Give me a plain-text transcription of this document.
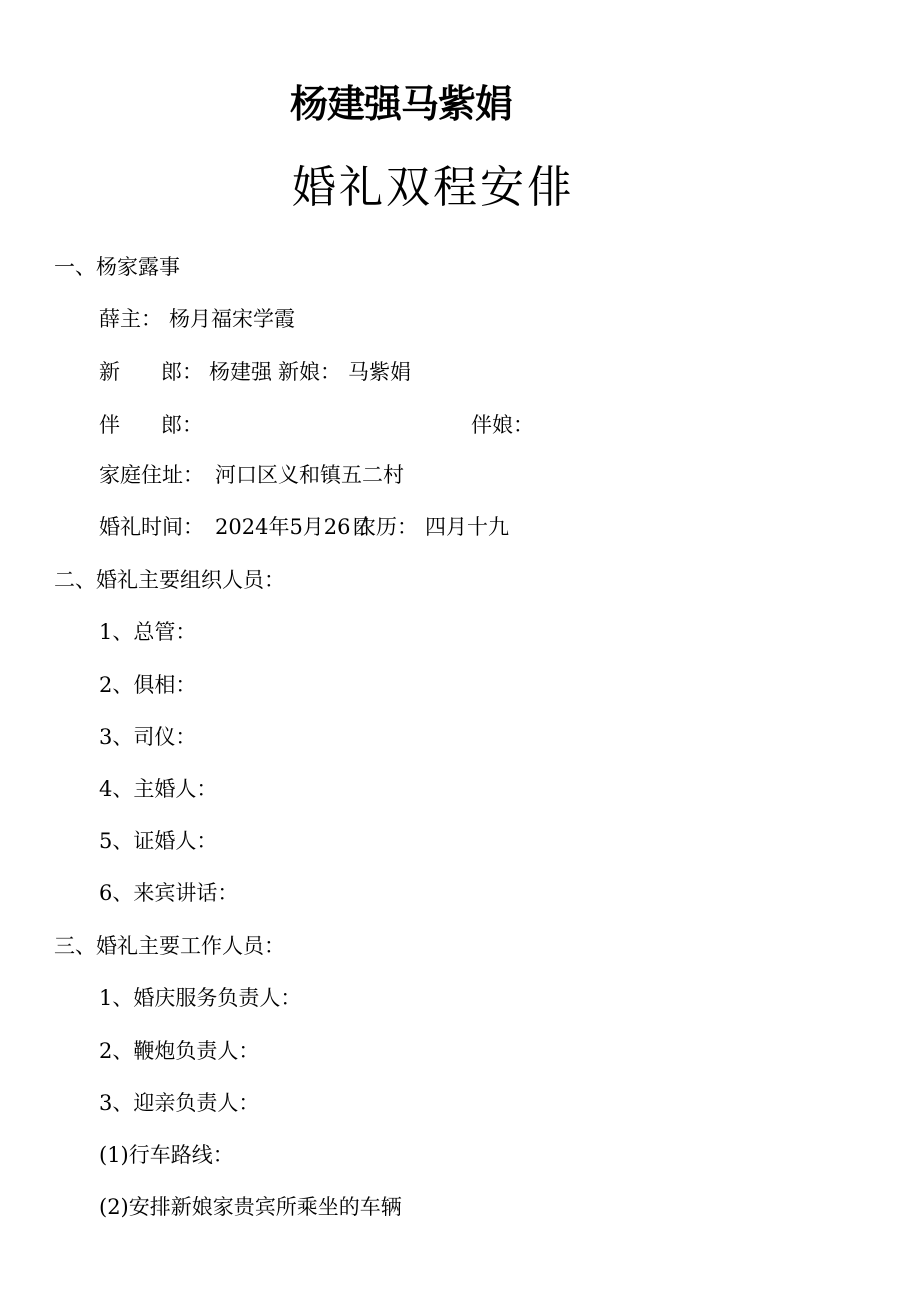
杨建强马紫娟
婚礼双程安俳
一、杨家露事
薛主： 杨月福宋学霞
新 郎： 杨建强 新娘： 马紫娟
伴 郎：	伴娘：
家庭住址： 河口区义和镇五二村
婚礼时间： 2024年5月26日
农历： 四月十九
二、婚礼主要组织人员：
1、总管：
2、俱相：
3、司仪：
4、主婚人：
5、证婚人：
6、来宾讲话：
三、婚礼主要工作人员：
1、婚庆服务负责人：
2、鞭炮负责人：
3、迎亲负责人：
(1)行车路线：
(2)安排新娘家贵宾所乘坐的车辆
